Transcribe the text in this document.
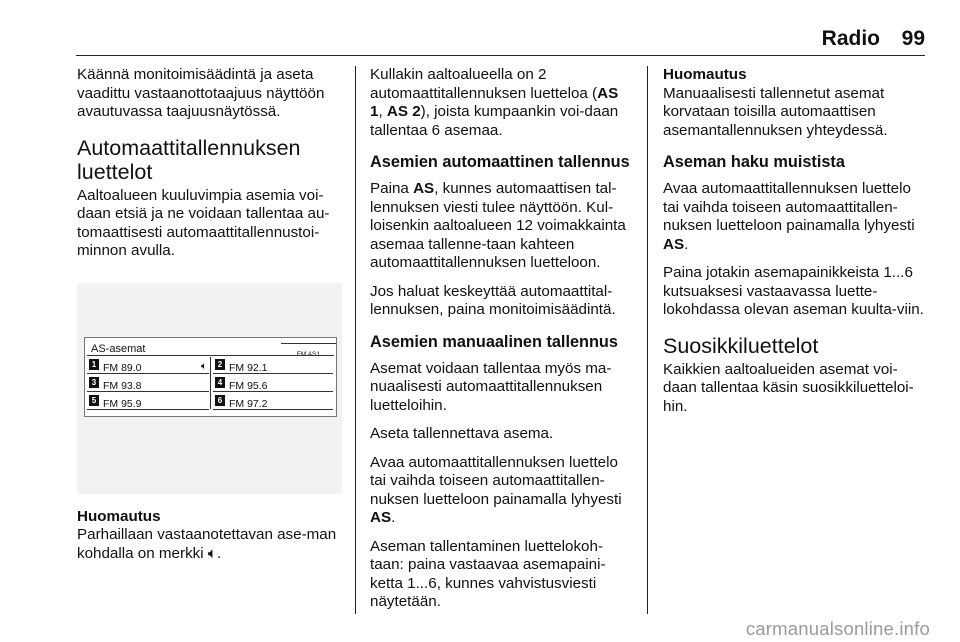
Radio 99

Käännä monitoimisäädintä ja aseta vaadittu vastaanottotaajuus näyttöön avautuvassa taajuusnäytössä.

Automaattitallennuksen luettelot

Aaltoalueen kuuluvimpia asemia voi-daan etsiä ja ne voidaan tallentaa au-tomaattisesti automaattitallennustoi-minnon avulla.

AS-asemat	FM AS1
1 FM 89.0	🔈︎	2 FM 92.1
3 FM 93.8	4 FM 95.6
5 FM 95.9	6 FM 97.2

Huomautus
Parhaillaan vastaanotettavan ase-man kohdalla on merkki 🔈︎.

Kullakin aaltoalueella on 2 automaattitallennuksen luetteloa (AS 1, AS 2), joista kumpaankin voi-daan tallentaa 6 asemaa.

Asemien automaattinen tallennus

Paina AS, kunnes automaattisen tal-lennuksen viesti tulee näyttöön. Kul-loisenkin aaltoalueen 12 voimakkainta asemaa tallenne-taan kahteen automaattitallennuksen luetteloon.

Jos haluat keskeyttää automaattital-lennuksen, paina monitoimisäädintä.

Asemien manuaalinen tallennus

Asemat voidaan tallentaa myös ma-nuaalisesti automaattitallennuksen luetteloihin.

Aseta tallennettava asema.

Avaa automaattitallennuksen luettelo tai vaihda toiseen automaattitallen-nuksen luetteloon painamalla lyhyesti AS.

Aseman tallentaminen luettelokoh-taan: paina vastaavaa asemapaini-ketta 1...6, kunnes vahvistusviesti näytetään.

Huomautus
Manuaalisesti tallennetut asemat korvataan toisilla automaattisen asemantallennuksen yhteydessä.

Aseman haku muistista

Avaa automaattitallennuksen luettelo tai vaihda toiseen automaattitallen-nuksen luetteloon painamalla lyhyesti AS.

Paina jotakin asemapainikkeista 1...6 kutsuaksesi vastaavassa luette-lokohdassa olevan aseman kuulta-viin.

Suosikkiluettelot

Kaikkien aaltoalueiden asemat voi-daan tallentaa käsin suosikkiluetteloi-hin.

carmanualsonline.info
